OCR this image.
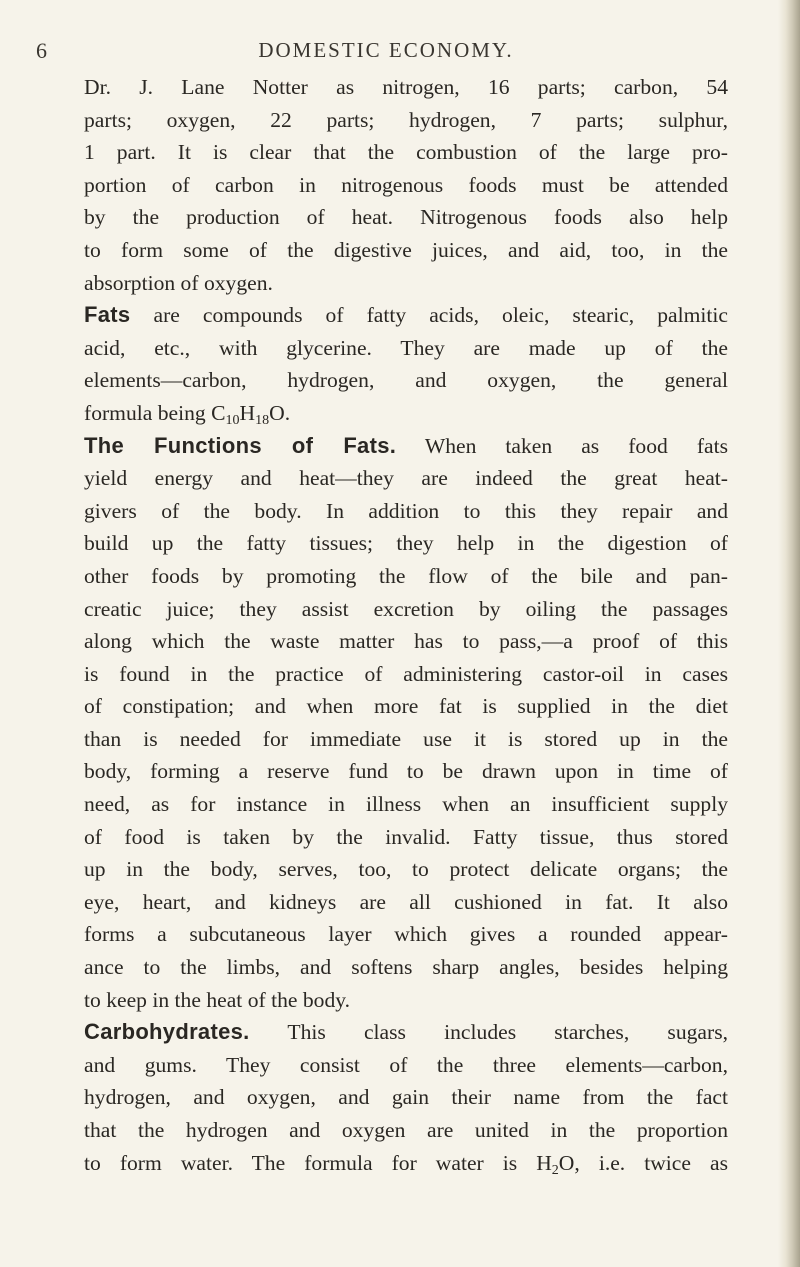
6	DOMESTIC ECONOMY.

Dr. J. Lane Notter as nitrogen, 16 parts; carbon, 54
parts; oxygen, 22 parts; hydrogen, 7 parts; sulphur,
1 part. It is clear that the combustion of the large pro-
portion of carbon in nitrogenous foods must be attended
by the production of heat. Nitrogenous foods also help
to form some of the digestive juices, and aid, too, in the
absorption of oxygen.

Fats are compounds of fatty acids, oleic, stearic, palmitic
acid, etc., with glycerine. They are made up of the
elements—carbon, hydrogen, and oxygen, the general
formula being $C_{10}H_{18}O$.

The Functions of Fats. When taken as food fats
yield energy and heat—they are indeed the great heat-
givers of the body. In addition to this they repair and
build up the fatty tissues; they help in the digestion of
other foods by promoting the flow of the bile and pan-
creatic juice; they assist excretion by oiling the passages
along which the waste matter has to pass,—a proof of this
is found in the practice of administering castor-oil in cases
of constipation; and when more fat is supplied in the diet
than is needed for immediate use it is stored up in the
body, forming a reserve fund to be drawn upon in time of
need, as for instance in illness when an insufficient supply
of food is taken by the invalid. Fatty tissue, thus stored
up in the body, serves, too, to protect delicate organs; the
eye, heart, and kidneys are all cushioned in fat. It also
forms a subcutaneous layer which gives a rounded appear-
ance to the limbs, and softens sharp angles, besides helping
to keep in the heat of the body.

Carbohydrates. This class includes starches, sugars,
and gums. They consist of the three elements—carbon,
hydrogen, and oxygen, and gain their name from the fact
that the hydrogen and oxygen are united in the proportion
to form water. The formula for water is $H_2O$, i.e. twice as
